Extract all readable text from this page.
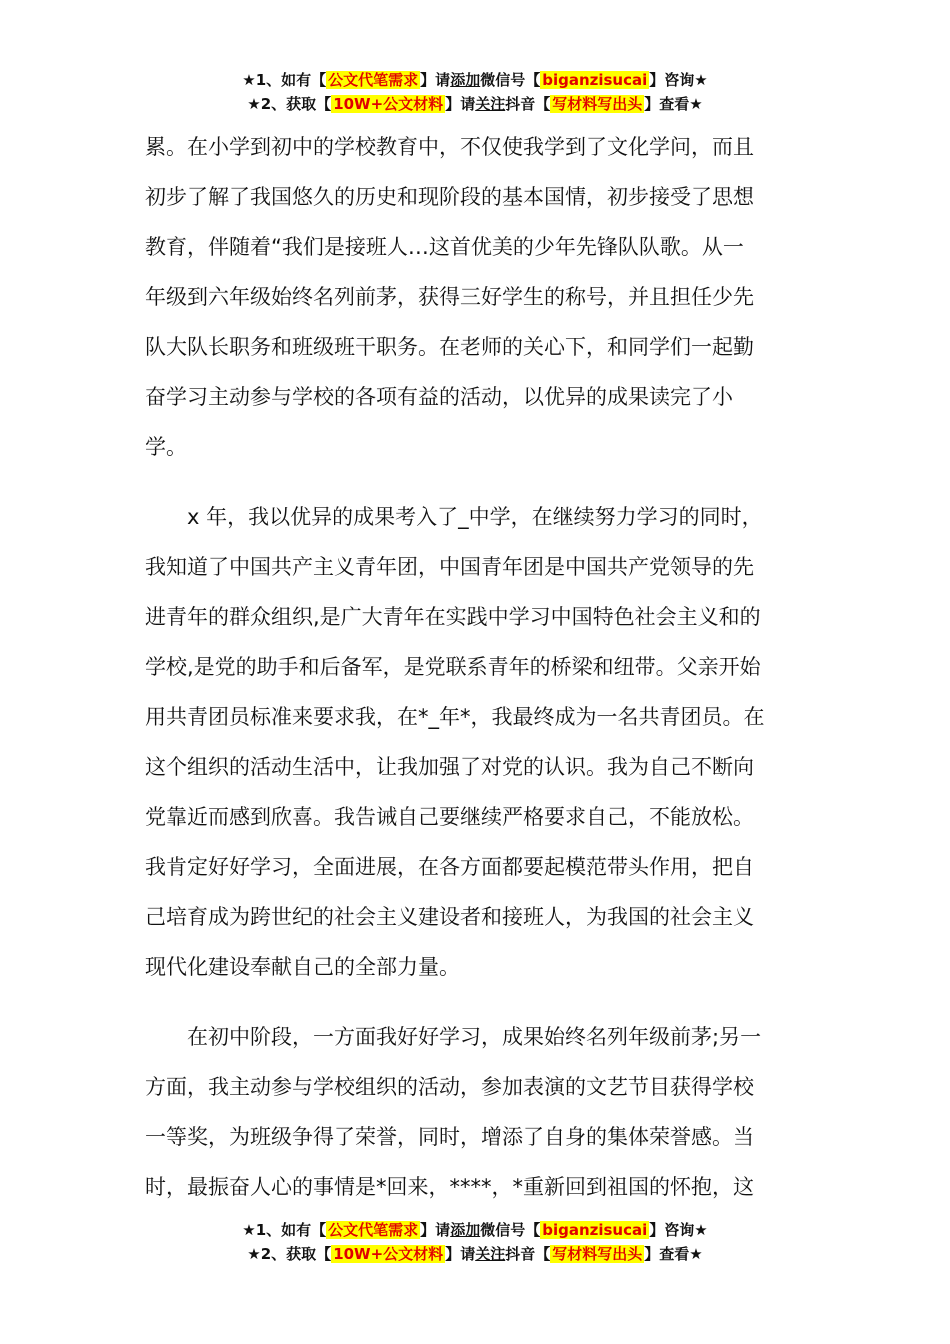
★1、如有【 公文代笔需求 】请添加微信号【 biganzisucai 】咨询★
★2、获取【 10W+公文材料 】请关注抖音【 写材料写出头 】查看★
累。在小学到初中的学校教育中，不仅使我学到了文化学问，而且
初步了解了我国悠久的历史和现阶段的基本国情，初步接受了思想
教育，伴随着“我们是接班人…这首优美的少年先锋队队歌。从一
年级到六年级始终名列前茅，获得三好学生的称号，并且担任少先
队大队长职务和班级班干职务。在老师的关心下，和同学们一起勤
奋学习主动参与学校的各项有益的活动，以优异的成果读完了小
学。
x 年，我以优异的成果考入了_中学，在继续努力学习的同时，
我知道了中国共产主义青年团，中国青年团是中国共产党领导的先
进青年的群众组织,是广大青年在实践中学习中国特色社会主义和的
学校,是党的助手和后备军，是党联系青年的桥梁和纽带。父亲开始
用共青团员标准来要求我，在*_年*，我最终成为一名共青团员。在
这个组织的活动生活中，让我加强了对党的认识。我为自己不断向
党靠近而感到欣喜。我告诫自己要继续严格要求自己，不能放松。
我肯定好好学习，全面进展，在各方面都要起模范带头作用，把自
己培育成为跨世纪的社会主义建设者和接班人，为我国的社会主义
现代化建设奉献自己的全部力量。
在初中阶段，一方面我好好学习，成果始终名列年级前茅;另一
方面，我主动参与学校组织的活动，参加表演的文艺节目获得学校
一等奖，为班级争得了荣誉，同时，增添了自身的集体荣誉感。当
时，最振奋人心的事情是*回来，****，*重新回到祖国的怀抱，这
★1、如有【 公文代笔需求 】请添加微信号【 biganzisucai 】咨询★
★2、获取【 10W+公文材料 】请关注抖音【 写材料写出头 】查看★
